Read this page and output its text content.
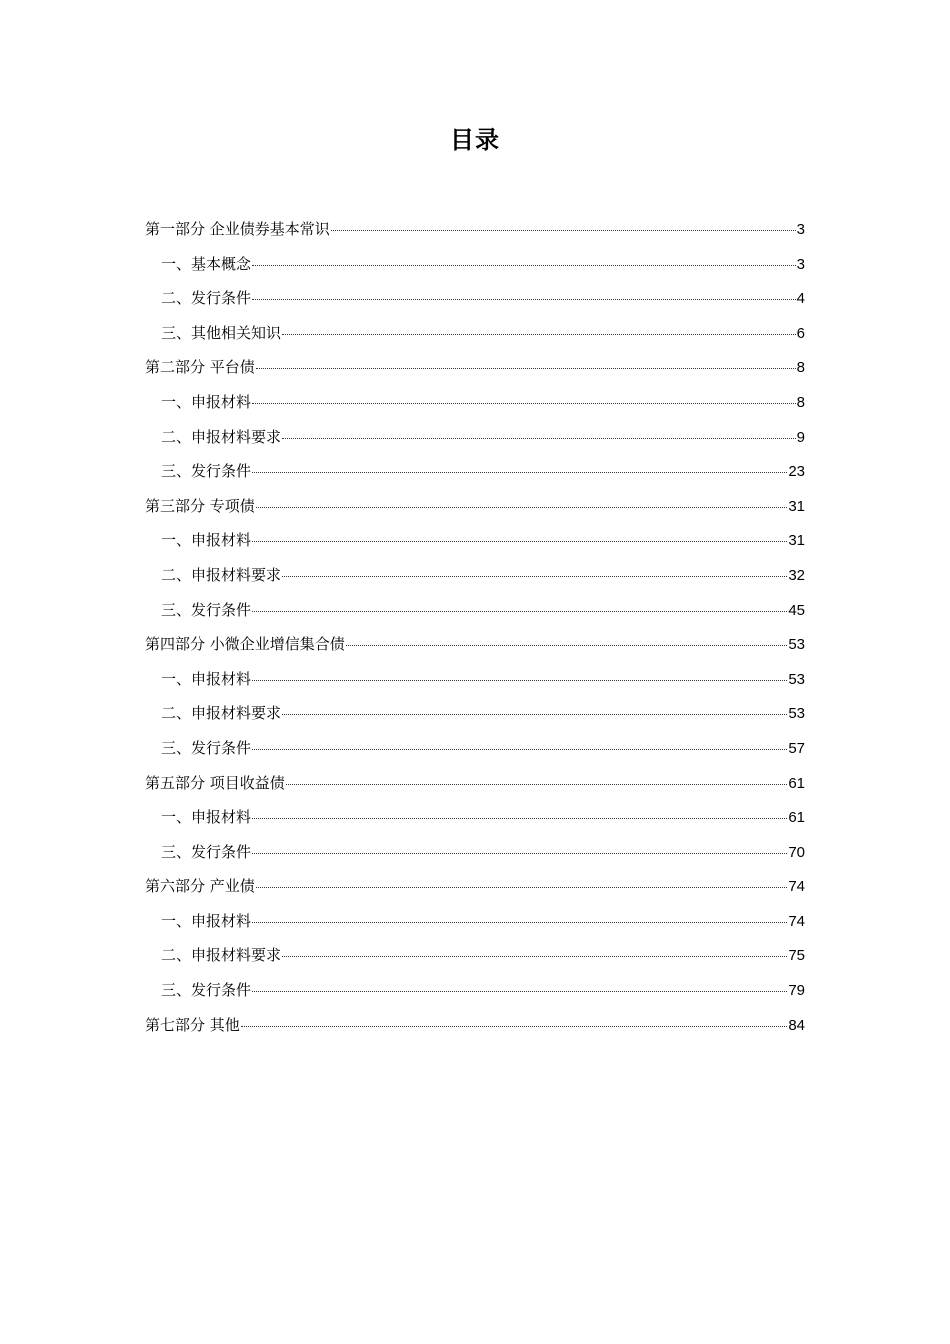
目录
第一部分 企业债券基本常识	3
一、基本概念	3
二、发行条件	4
三、其他相关知识	6
第二部分 平台债	8
一、申报材料	8
二、申报材料要求	9
三、发行条件	23
第三部分 专项债	31
一、申报材料	31
二、申报材料要求	32
三、发行条件	45
第四部分 小微企业增信集合债	53
一、申报材料	53
二、申报材料要求	53
三、发行条件	57
第五部分 项目收益债	61
一、申报材料	61
三、发行条件	70
第六部分 产业债	74
一、申报材料	74
二、申报材料要求	75
三、发行条件	79
第七部分 其他	84
